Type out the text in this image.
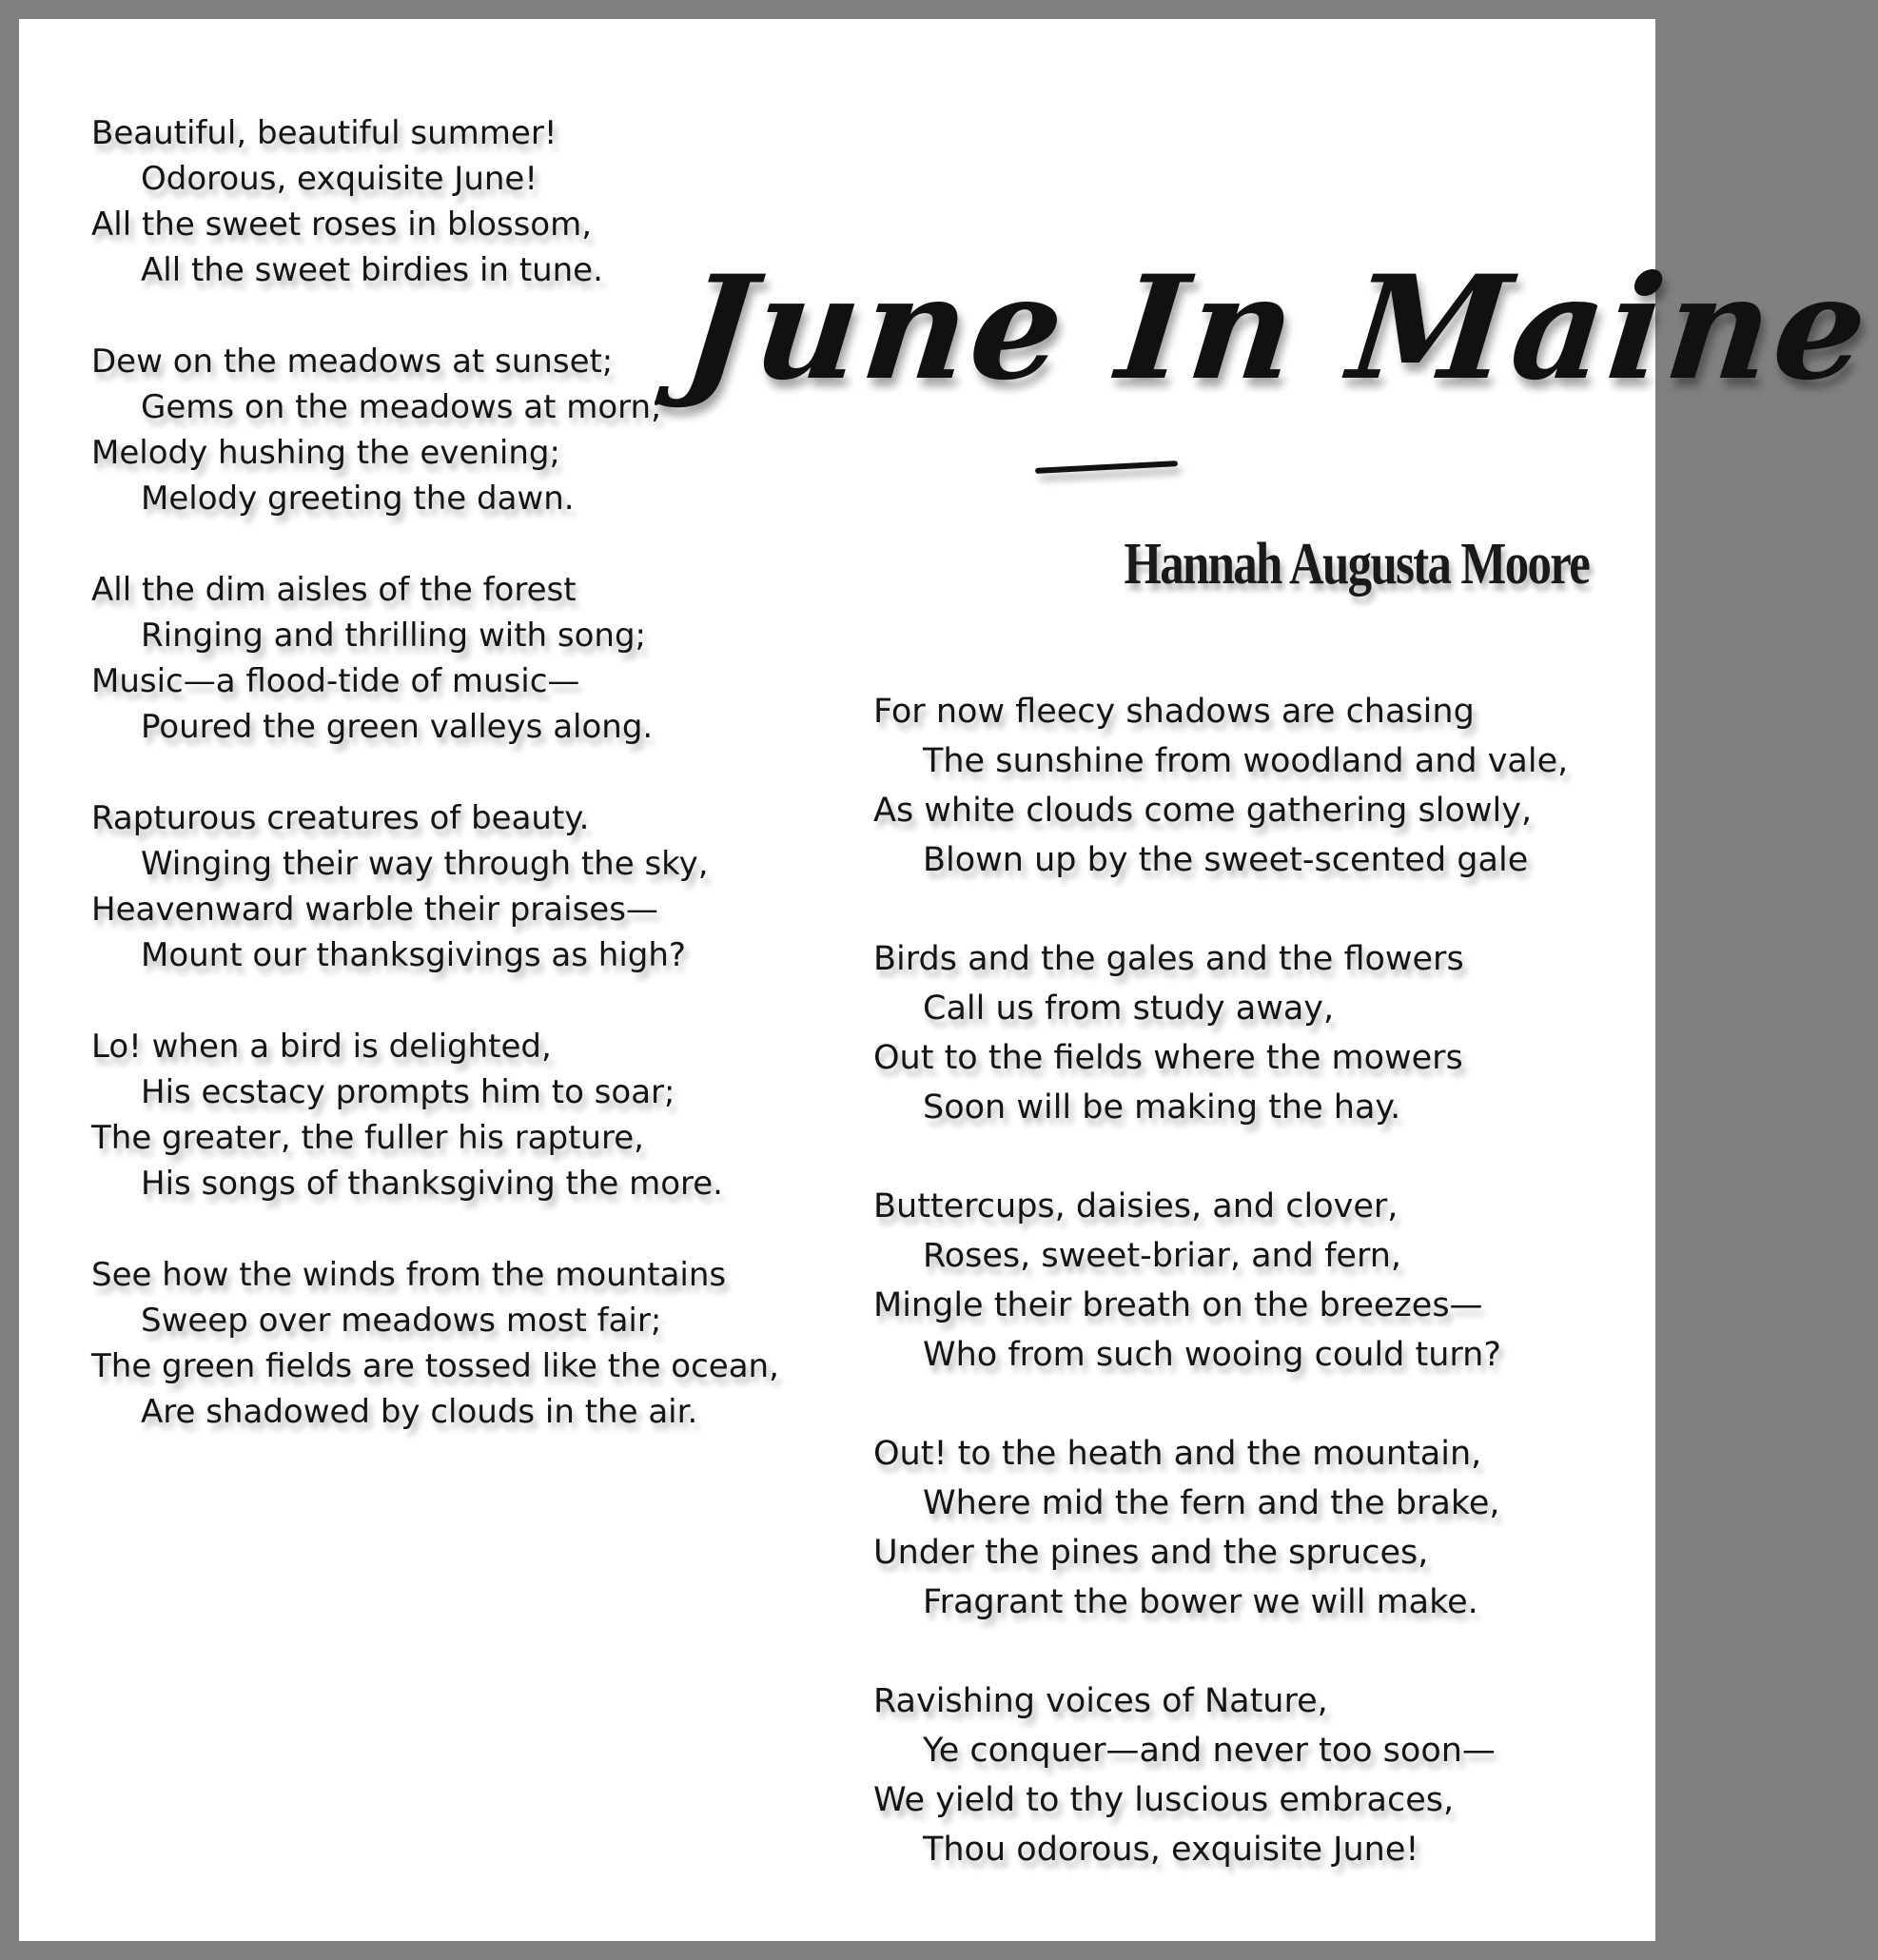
Beautiful, beautiful summer!
Odorous, exquisite June!
All the sweet roses in blossom,
All the sweet birdies in tune.
Dew on the meadows at sunset;
Gems on the meadows at morn;
Melody hushing the evening;
Melody greeting the dawn.
All the dim aisles of the forest
Ringing and thrilling with song;
Music—a flood-tide of music—
Poured the green valleys along.
Rapturous creatures of beauty.
Winging their way through the sky,
Heavenward warble their praises—
Mount our thanksgivings as high?
Lo! when a bird is delighted,
His ecstacy prompts him to soar;
The greater, the fuller his rapture,
His songs of thanksgiving the more.
See how the winds from the mountains
Sweep over meadows most fair;
The green fields are tossed like the ocean,
Are shadowed by clouds in the air.
June In Maine
Hannah Augusta Moore
For now fleecy shadows are chasing
The sunshine from woodland and vale,
As white clouds come gathering slowly,
Blown up by the sweet-scented gale
Birds and the gales and the flowers
Call us from study away,
Out to the fields where the mowers
Soon will be making the hay.
Buttercups, daisies, and clover,
Roses, sweet-briar, and fern,
Mingle their breath on the breezes—
Who from such wooing could turn?
Out! to the heath and the mountain,
Where mid the fern and the brake,
Under the pines and the spruces,
Fragrant the bower we will make.
Ravishing voices of Nature,
Ye conquer—and never too soon—
We yield to thy luscious embraces,
Thou odorous, exquisite June!
